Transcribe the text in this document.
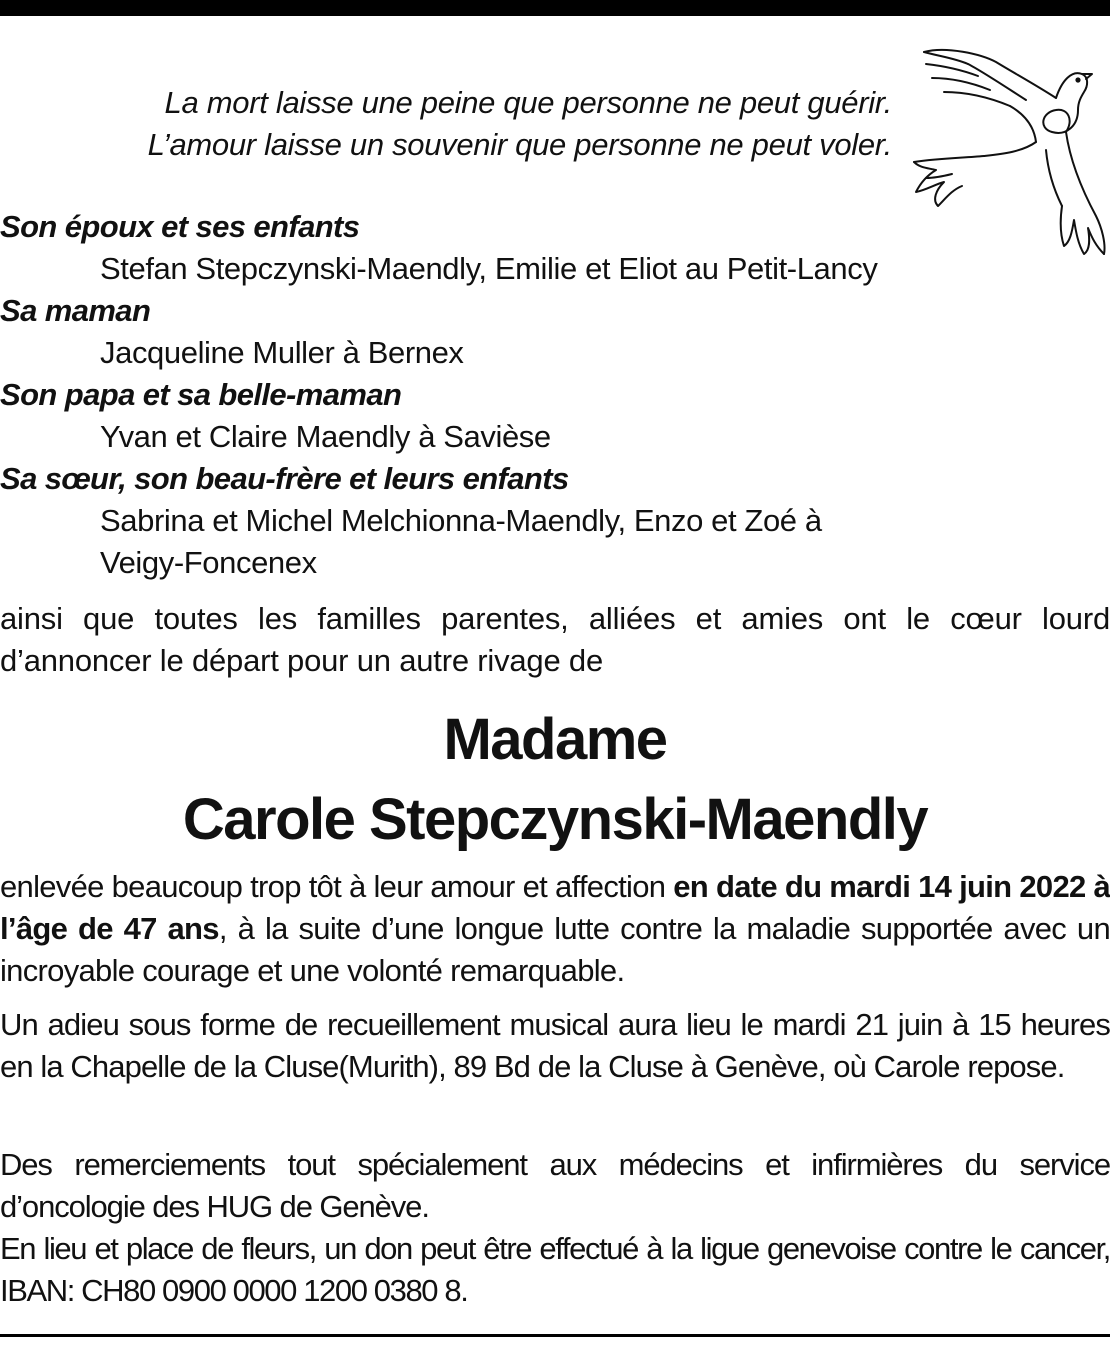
La mort laisse une peine que personne ne peut guérir.
L’amour laisse un souvenir que personne ne peut voler.
Son époux et ses enfants
Stefan Stepczynski-Maendly, Emilie et Eliot au Petit-Lancy
Sa maman
Jacqueline Muller à Bernex
Son papa et sa belle-maman
Yvan et Claire Maendly à Savièse
Sa sœur, son beau-frère et leurs enfants
Sabrina et Michel Melchionna-Maendly, Enzo et Zoé à
Veigy-Foncenex
ainsi que toutes les familles parentes, alliées et amies ont le cœur lourd d’annoncer le départ pour un autre rivage de
Madame
Carole Stepczynski-Maendly
enlevée beaucoup trop tôt à leur amour et affection en date du mardi 14 juin 2022 à l’âge de 47 ans, à la suite d’une longue lutte contre la maladie supportée avec un incroyable courage et une volonté remarquable.
Un adieu sous forme de recueillement musical aura lieu le mardi 21 juin à 15 heures en la Chapelle de la Cluse(Murith), 89 Bd de la Cluse à Genève, où Carole repose.
Des remerciements tout spécialement aux médecins et infirmières du service d’oncologie des HUG de Genève.
En lieu et place de fleurs, un don peut être effectué à la ligue genevoise contre le cancer, IBAN: CH80 0900 0000 1200 0380 8.
